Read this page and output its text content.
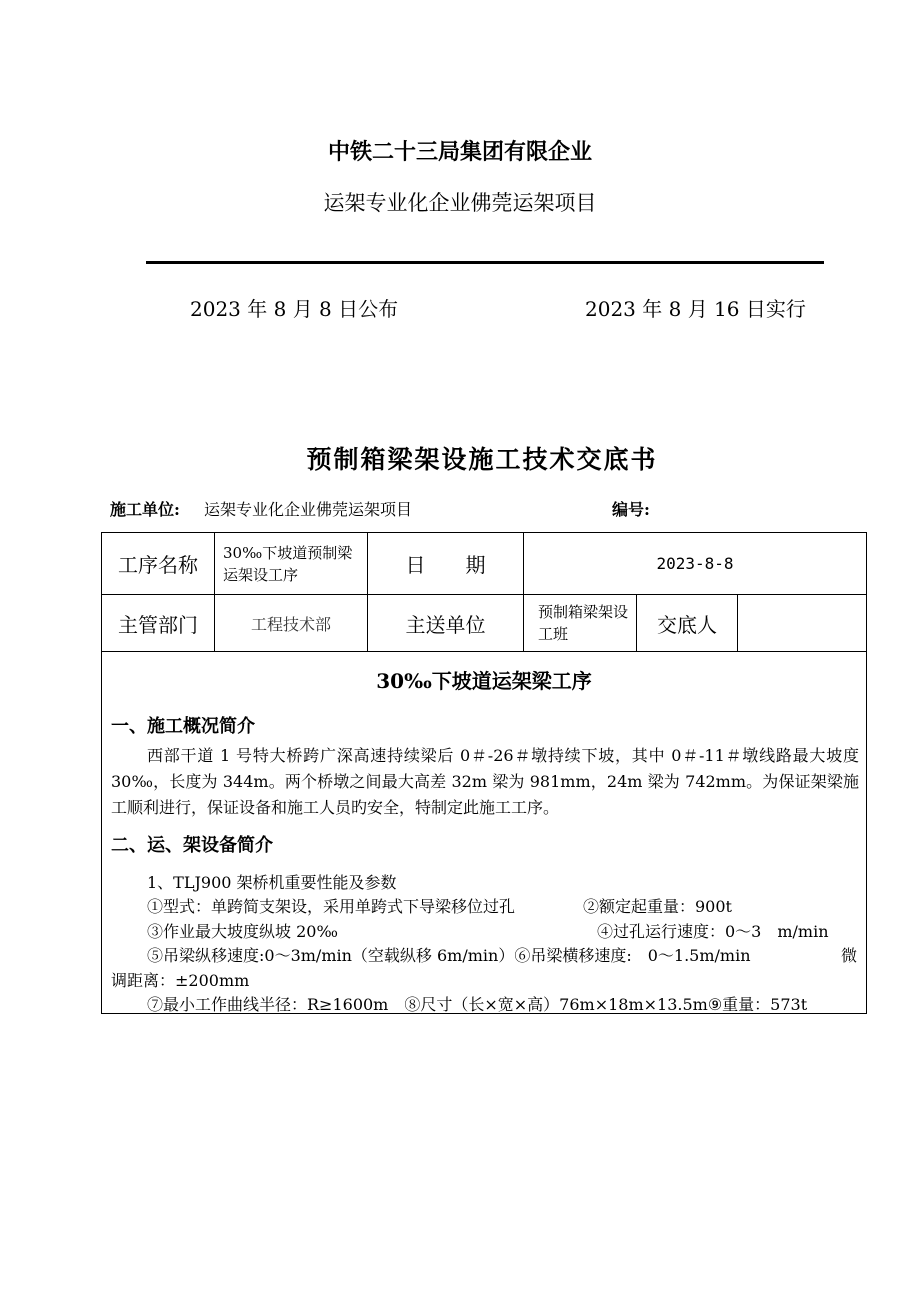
中铁二十三局集团有限企业
运架专业化企业佛莞运架项目
2023 年 8 月 8 日公布	2023 年 8 月 16 日实行
预制箱梁架设施工技术交底书
施工单位: 运架专业化企业佛莞运架项目	编号:
工序名称	30‰下坡道预制梁运架设工序	日　　期	2023-8-8		
主管部门	工程技术部	主送单位	预制箱梁架设工班	交底人	
30‰下坡道运架梁工序
一、施工概况简介
西部干道 1 号特大桥跨广深高速持续梁后 0＃-26＃墩持续下坡，其中 0＃-11＃墩线路最大坡度 30‰，长度为 344m。两个桥墩之间最大高差 32m 梁为 981mm，24m 梁为 742mm。为保证架梁施工顺利进行，保证设备和施工人员旳安全，特制定此施工工序。
二、运、架设备简介
1、TLJ900 架桥机重要性能及参数
①型式：单跨简支架设，采用单跨式下导梁移位过孔	②额定起重量：900t
③作业最大坡度纵坡 20‰	④过孔运行速度：0～3　m/min
⑤吊梁纵移速度:0～3m/min（空载纵移 6m/min）⑥吊梁横移速度:　0～1.5m/min	微
调距离：±200mm
⑦最小工作曲线半径：R≥1600m　⑧尺寸（长×宽×高）76m×18m×13.5m⑨重量：573t
